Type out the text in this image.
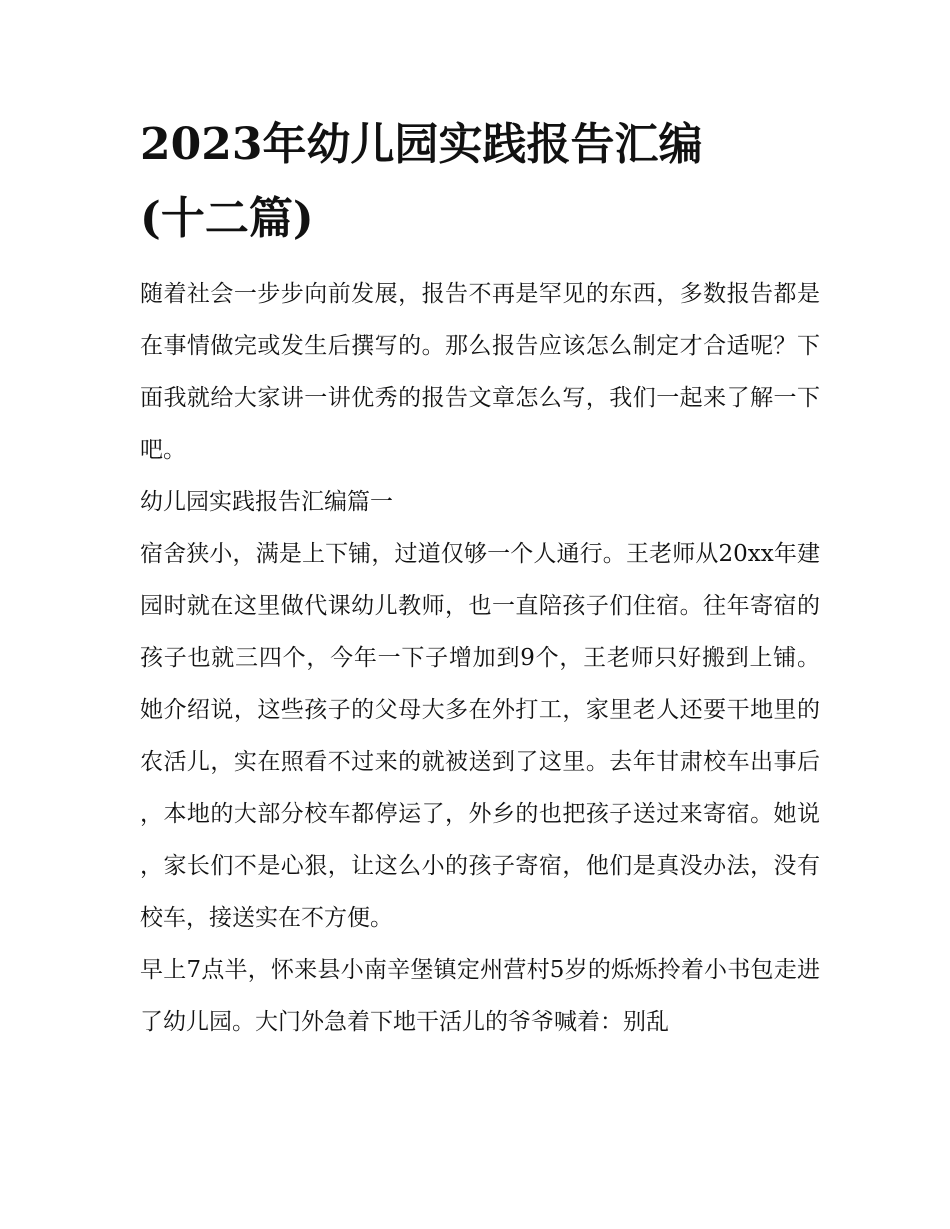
2023年幼儿园实践报告汇编
(十二篇)

随着社会一步步向前发展，报告不再是罕见的东西，多数报告都是在事情做完或发生后撰写的。那么报告应该怎么制定才合适呢？下面我就给大家讲一讲优秀的报告文章怎么写，我们一起来了解一下吧。

幼儿园实践报告汇编篇一

宿舍狭小，满是上下铺，过道仅够一个人通行。王老师从20xx年建园时就在这里做代课幼儿教师，也一直陪孩子们住宿。往年寄宿的孩子也就三四个，今年一下子增加到9个，王老师只好搬到上铺。她介绍说，这些孩子的父母大多在外打工，家里老人还要干地里的农活儿，实在照看不过来的就被送到了这里。去年甘肃校车出事后，本地的大部分校车都停运了，外乡的也把孩子送过来寄宿。她说，家长们不是心狠，让这么小的孩子寄宿，他们是真没办法，没有校车，接送实在不方便。

早上7点半，怀来县小南辛堡镇定州营村5岁的烁烁拎着小书包走进了幼儿园。大门外急着下地干活儿的爷爷喊着：别乱
